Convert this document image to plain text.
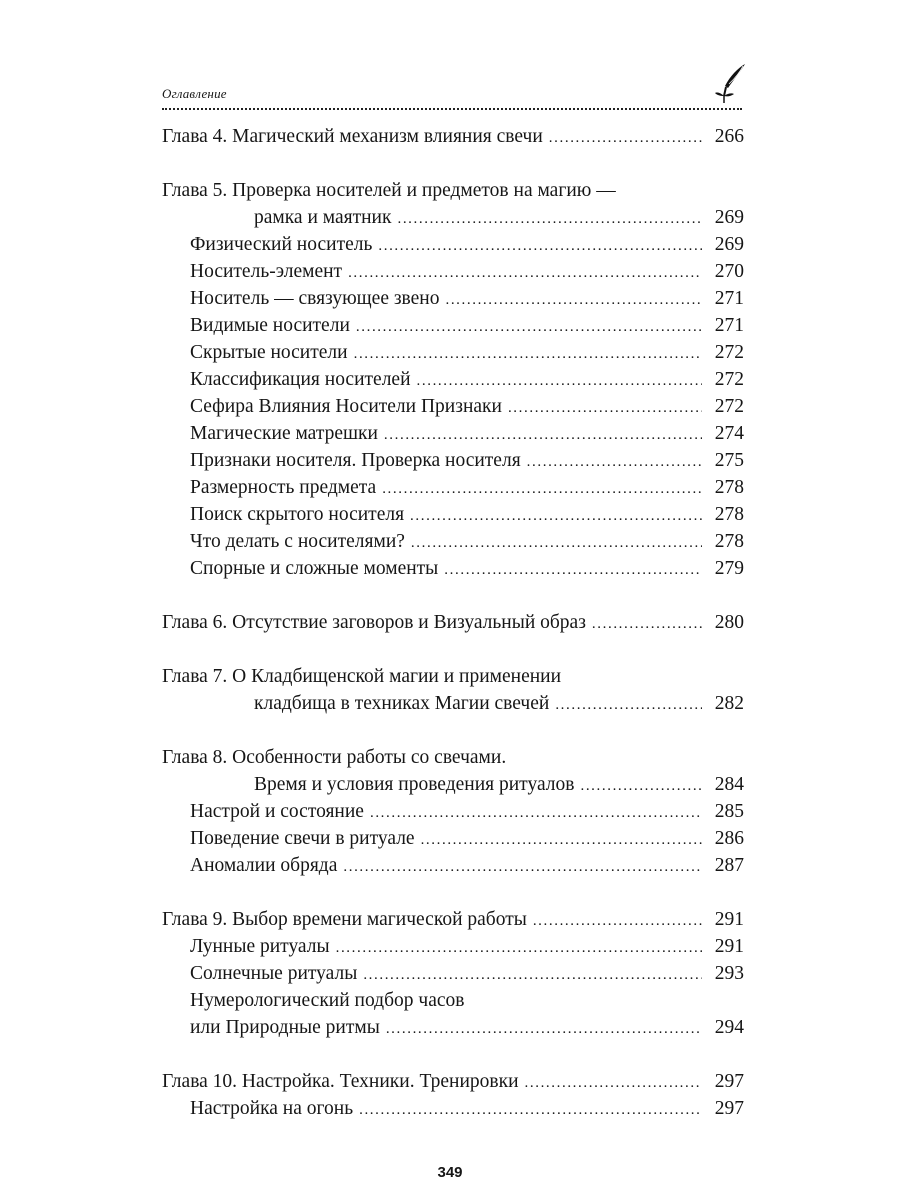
Оглавление
Глава 4. Магический механизм влияния свечи .....	266
Глава 5. Проверка носителей и предметов на магию —
рамка и маятник .....	269
Физический носитель .....	269
Носитель-элемент .....	270
Носитель — связующее звено .....	271
Видимые носители .....	271
Скрытые носители .....	272
Классификация носителей .....	272
Сефира Влияния Носители Признаки .....	272
Магические матрешки .....	274
Признаки носителя. Проверка носителя .....	275
Размерность предмета .....	278
Поиск скрытого носителя .....	278
Что делать с носителями? .....	278
Спорные и сложные моменты .....	279
Глава 6. Отсутствие заговоров и Визуальный образ .....	280
Глава 7. О Кладбищенской магии и применении
кладбища в техниках Магии свечей .....	282
Глава 8. Особенности работы со свечами.
Время и условия проведения ритуалов .....	284
Настрой и состояние .....	285
Поведение свечи в ритуале .....	286
Аномалии обряда .....	287
Глава 9. Выбор времени магической работы .....	291
Лунные ритуалы .....	291
Солнечные ритуалы .....	293
Нумерологический подбор часов
или Природные ритмы .....	294
Глава 10. Настройка. Техники. Тренировки .....	297
Настройка на огонь .....	297
349
